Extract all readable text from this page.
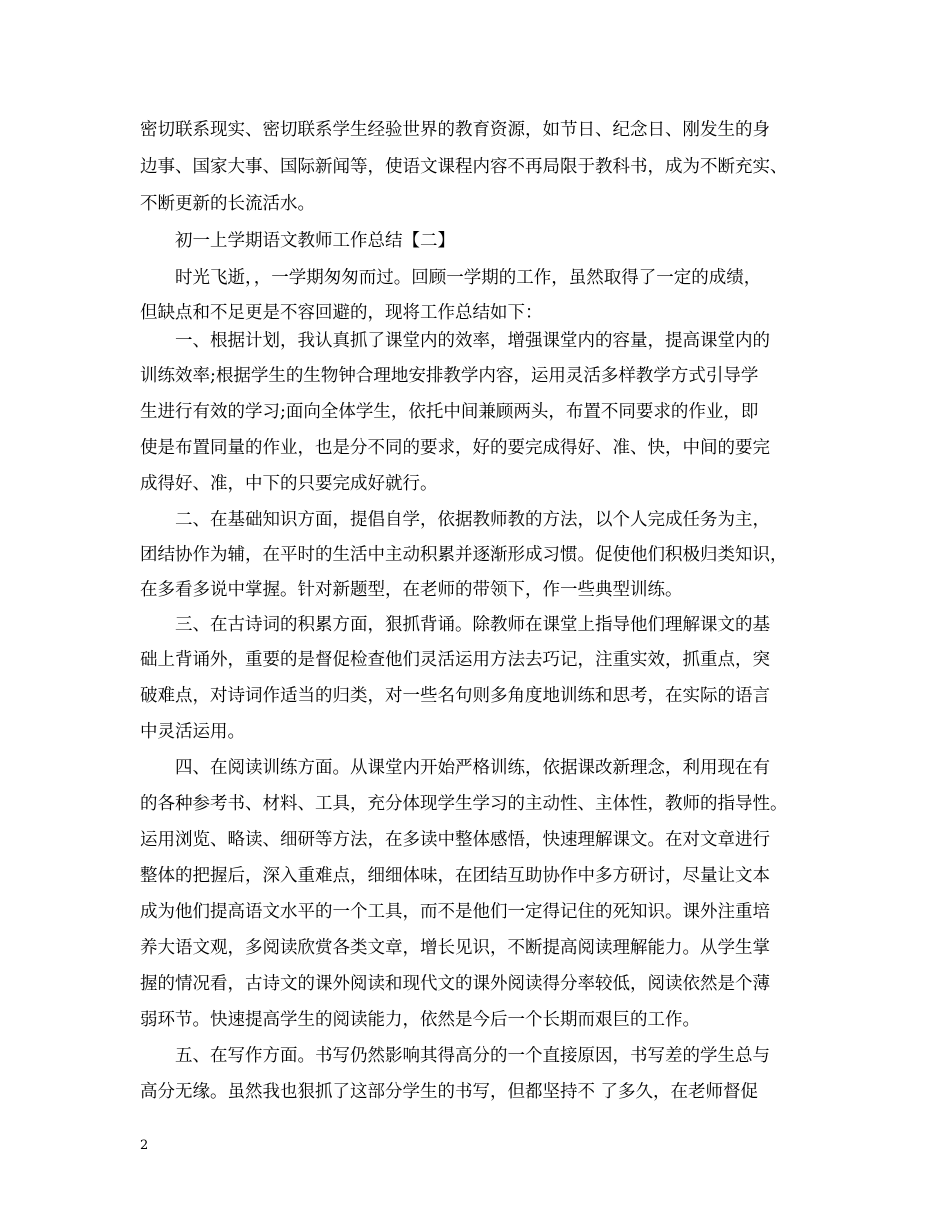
密切联系现实、密切联系学生经验世界的教育资源，如节日、纪念日、刚发生的身
边事、国家大事、国际新闻等，使语文课程内容不再局限于教科书，成为不断充实、
不断更新的长流活水。
　　初一上学期语文教师工作总结【二】
　　时光飞逝，，一学期匆匆而过。回顾一学期的工作，虽然取得了一定的成绩，
但缺点和不足更是不容回避的，现将工作总结如下：
　　一、根据计划，我认真抓了课堂内的效率，增强课堂内的容量，提高课堂内的
训练效率;根据学生的生物钟合理地安排教学内容，运用灵活多样教学方式引导学
生进行有效的学习;面向全体学生，依托中间兼顾两头，布置不同要求的作业，即
使是布置同量的作业，也是分不同的要求，好的要完成得好、准、快，中间的要完
成得好、准，中下的只要完成好就行。
　　二、在基础知识方面，提倡自学，依据教师教的方法，以个人完成任务为主，
团结协作为辅，在平时的生活中主动积累并逐渐形成习惯。促使他们积极归类知识，
在多看多说中掌握。针对新题型，在老师的带领下，作一些典型训练。
　　三、在古诗词的积累方面，狠抓背诵。除教师在课堂上指导他们理解课文的基
础上背诵外，重要的是督促检查他们灵活运用方法去巧记，注重实效，抓重点，突
破难点，对诗词作适当的归类，对一些名句则多角度地训练和思考，在实际的语言
中灵活运用。
　　四、在阅读训练方面。从课堂内开始严格训练，依据课改新理念，利用现在有
的各种参考书、材料、工具，充分体现学生学习的主动性、主体性，教师的指导性。
运用浏览、略读、细研等方法，在多读中整体感悟，快速理解课文。在对文章进行
整体的把握后，深入重难点，细细体味，在团结互助协作中多方研讨，尽量让文本
成为他们提高语文水平的一个工具，而不是他们一定得记住的死知识。课外注重培
养大语文观，多阅读欣赏各类文章，增长见识，不断提高阅读理解能力。从学生掌
握的情况看，古诗文的课外阅读和现代文的课外阅读得分率较低，阅读依然是个薄
弱环节。快速提高学生的阅读能力，依然是今后一个长期而艰巨的工作。
　　五、在写作方面。书写仍然影响其得高分的一个直接原因，书写差的学生总与
高分无缘。虽然我也狠抓了这部分学生的书写，但都坚持不 了多久，在老师督促
2
